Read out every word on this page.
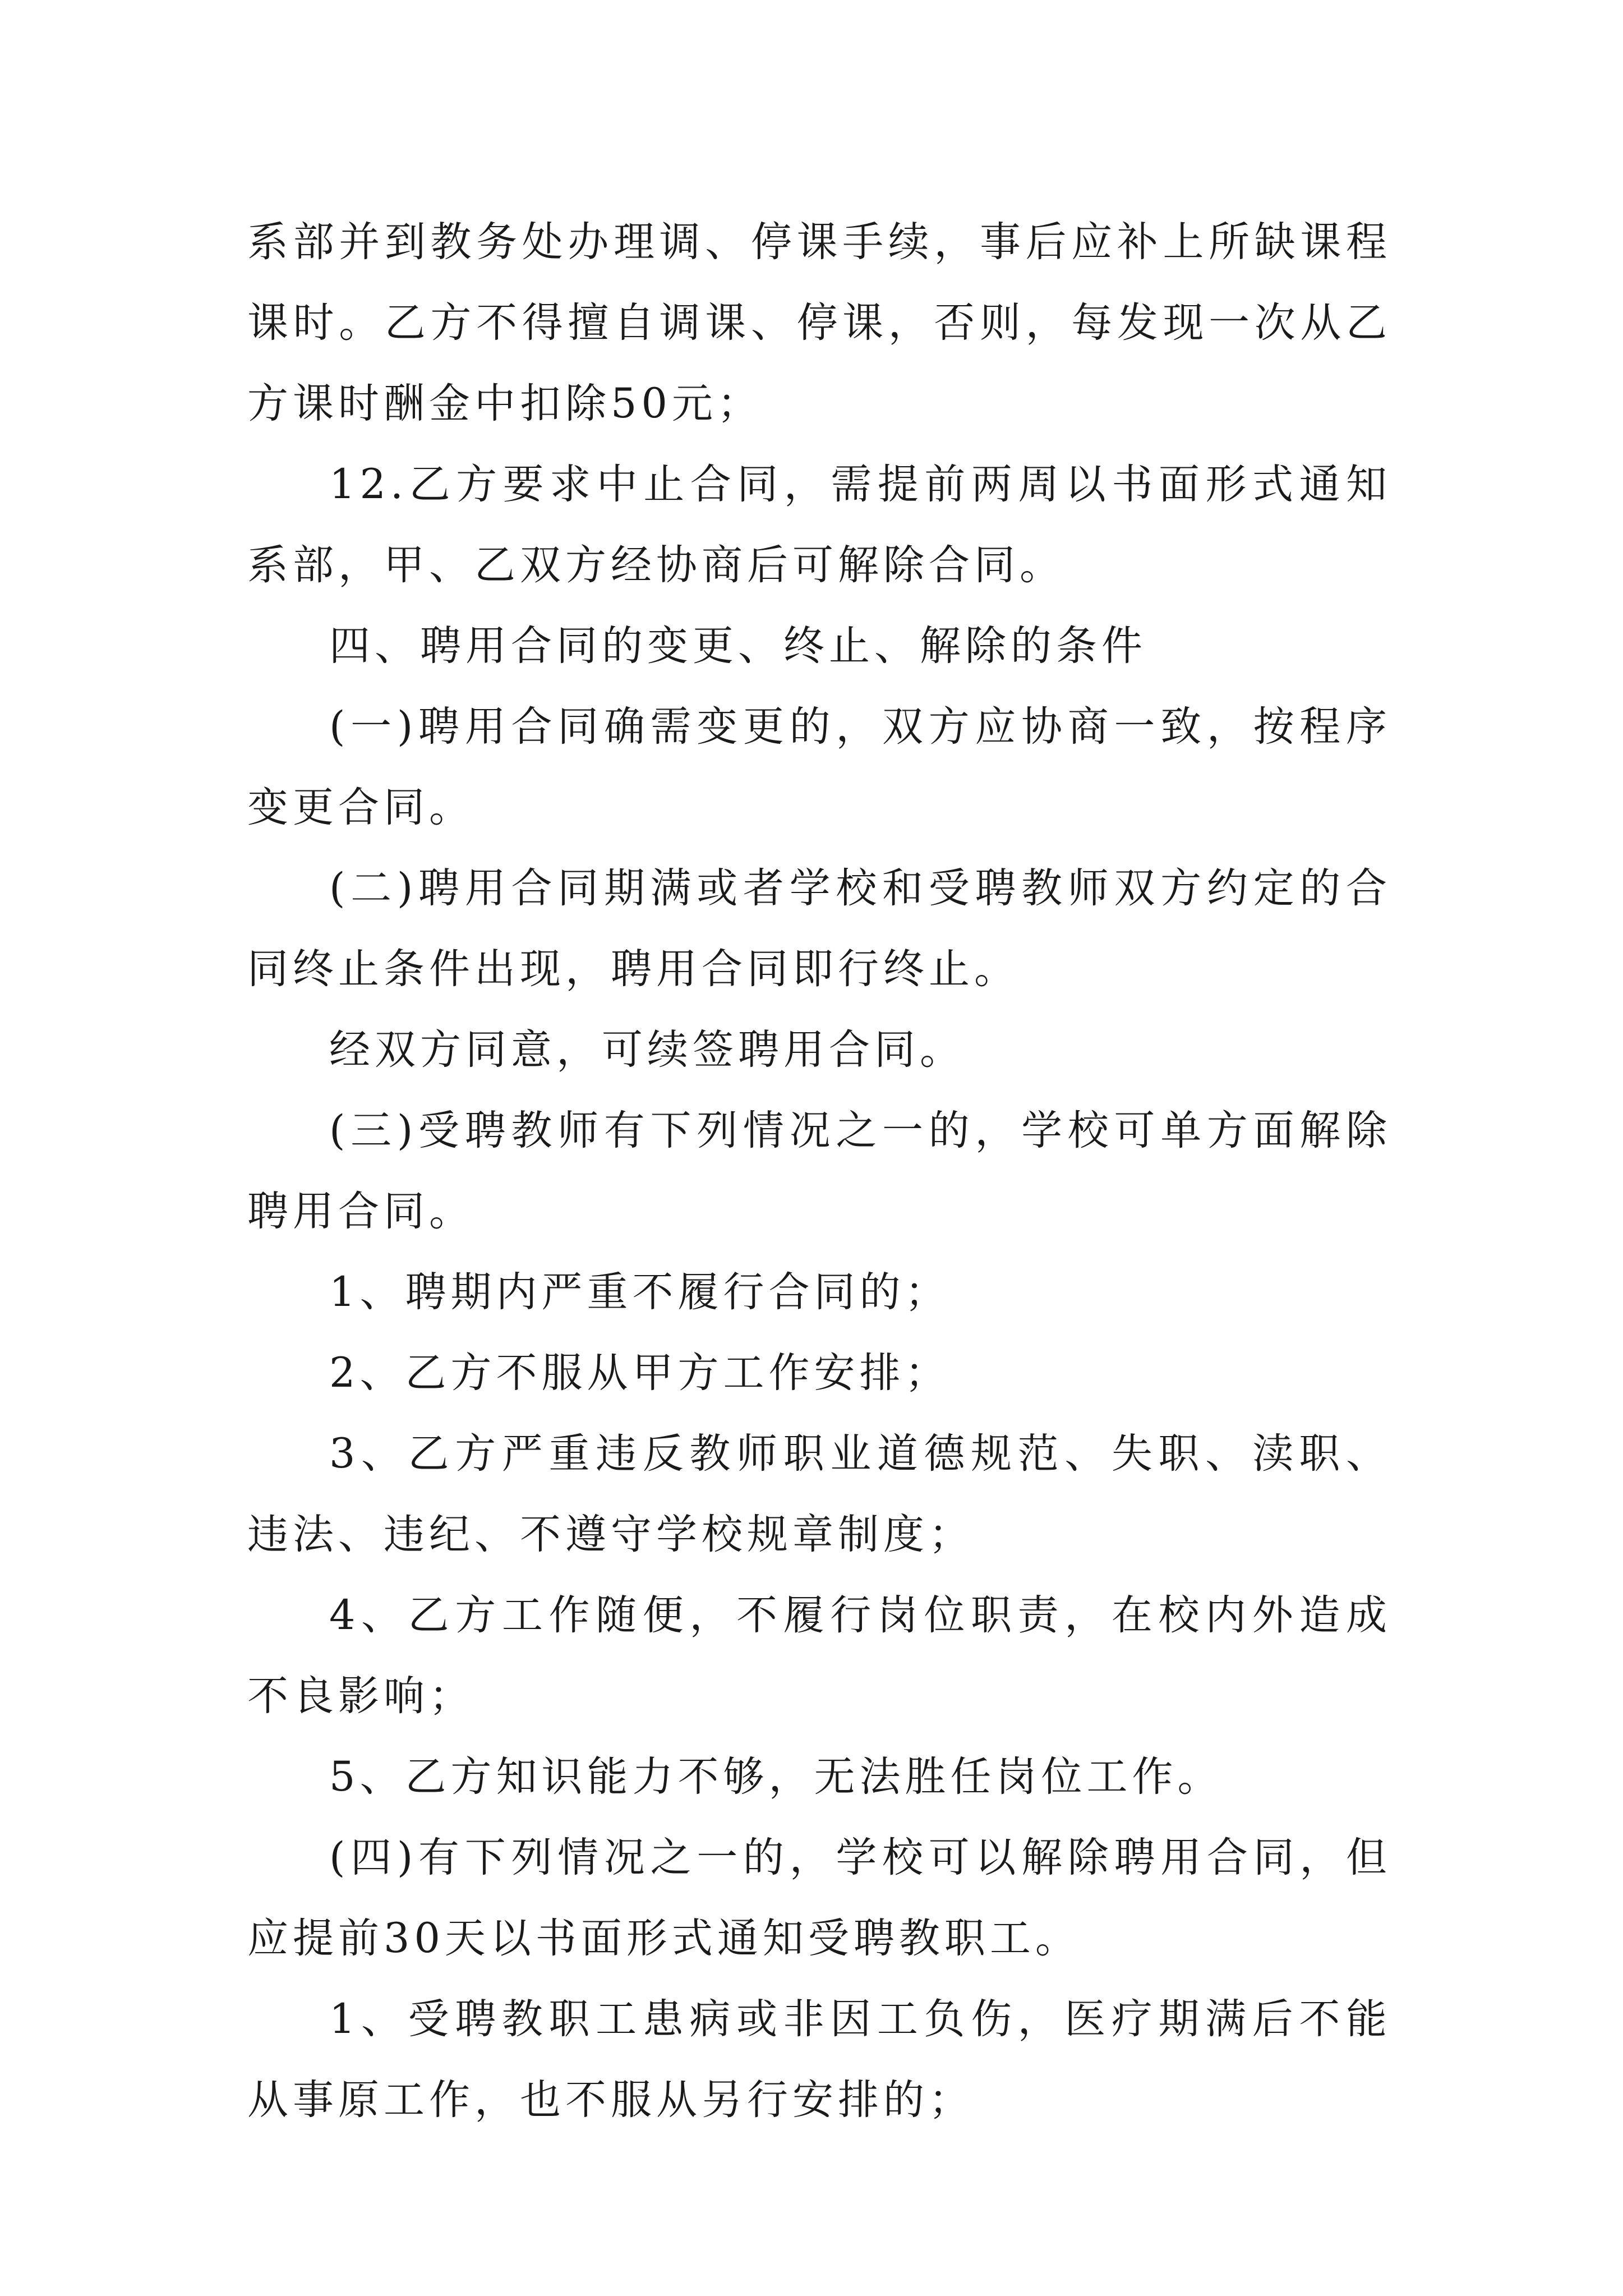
系部并到教务处办理调、停课手续，事后应补上所缺课程课时。乙方不得擅自调课、停课，否则，每发现一次从乙方课时酬金中扣除50元；

12.乙方要求中止合同，需提前两周以书面形式通知系部，甲、乙双方经协商后可解除合同。

四、聘用合同的变更、终止、解除的条件

(一)聘用合同确需变更的，双方应协商一致，按程序变更合同。

(二)聘用合同期满或者学校和受聘教师双方约定的合同终止条件出现，聘用合同即行终止。

经双方同意，可续签聘用合同。

(三)受聘教师有下列情况之一的，学校可单方面解除聘用合同。

1、聘期内严重不履行合同的；

2、乙方不服从甲方工作安排；

3、乙方严重违反教师职业道德规范、失职、渎职、违法、违纪、不遵守学校规章制度；

4、乙方工作随便，不履行岗位职责，在校内外造成不良影响；

5、乙方知识能力不够，无法胜任岗位工作。

(四)有下列情况之一的，学校可以解除聘用合同，但应提前30天以书面形式通知受聘教职工。

1、受聘教职工患病或非因工负伤，医疗期满后不能从事原工作，也不服从另行安排的；
